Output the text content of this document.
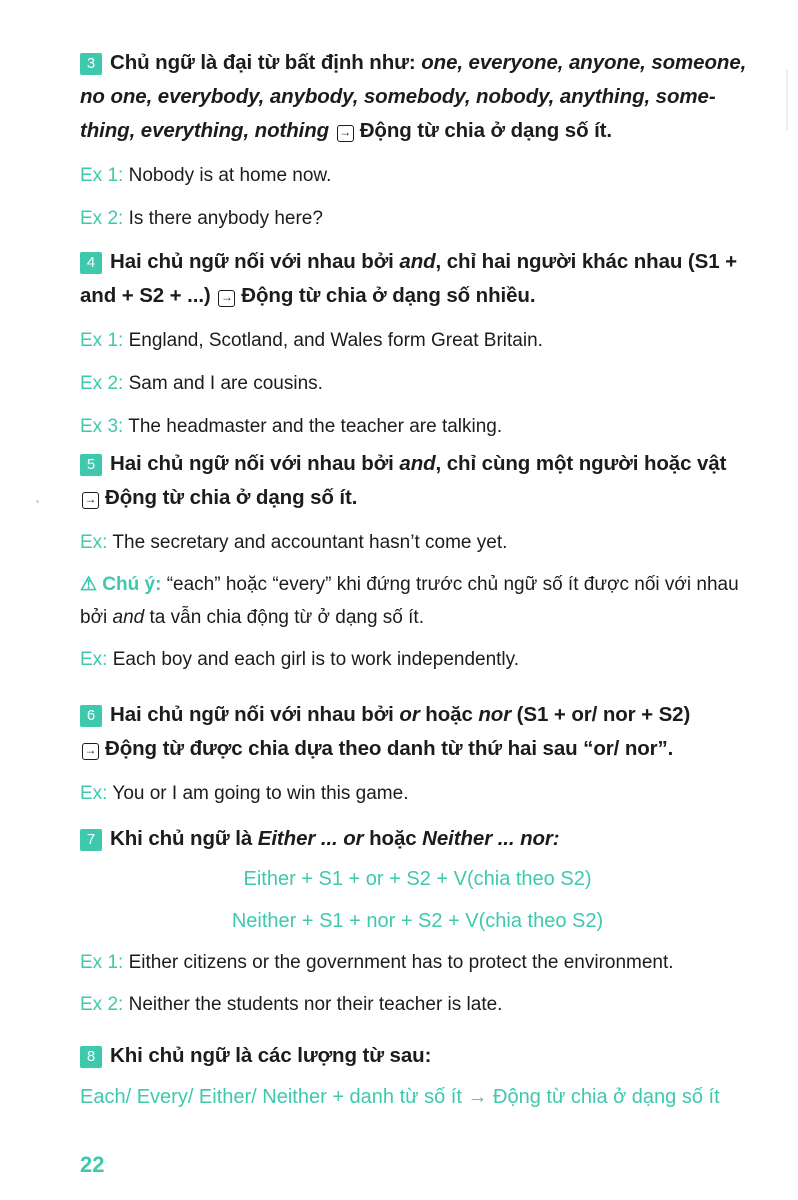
3 Chủ ngữ là đại từ bất định như: one, everyone, anyone, someone, no one, everybody, anybody, somebody, nobody, anything, some-thing, everything, nothing → Động từ chia ở dạng số ít.

Ex 1: Nobody is at home now.

Ex 2: Is there anybody here?

4 Hai chủ ngữ nối với nhau bởi and, chỉ hai người khác nhau (S1 + and + S2 + ...) → Động từ chia ở dạng số nhiều.

Ex 1: England, Scotland, and Wales form Great Britain.

Ex 2: Sam and I are cousins.

Ex 3: The headmaster and the teacher are talking.

5 Hai chủ ngữ nối với nhau bởi and, chỉ cùng một người hoặc vật
→ Động từ chia ở dạng số ít.

Ex: The secretary and accountant hasn’t come yet.

⚠ Chú ý: “each” hoặc “every” khi đứng trước chủ ngữ số ít được nối với nhau bởi and ta vẫn chia động từ ở dạng số ít.

Ex: Each boy and each girl is to work independently.

6 Hai chủ ngữ nối với nhau bởi or hoặc nor (S1 + or/ nor + S2)
→ Động từ được chia dựa theo danh từ thứ hai sau “or/ nor”.

Ex: You or I am going to win this game.

7 Khi chủ ngữ là Either ... or hoặc Neither ... nor:

Either + S1 + or + S2 + V(chia theo S2)

Neither + S1 + nor + S2 + V(chia theo S2)

Ex 1: Either citizens or the government has to protect the environment.

Ex 2: Neither the students nor their teacher is late.

8 Khi chủ ngữ là các lượng từ sau:

Each/ Every/ Either/ Neither + danh từ số ít → Động từ chia ở dạng số ít

22
